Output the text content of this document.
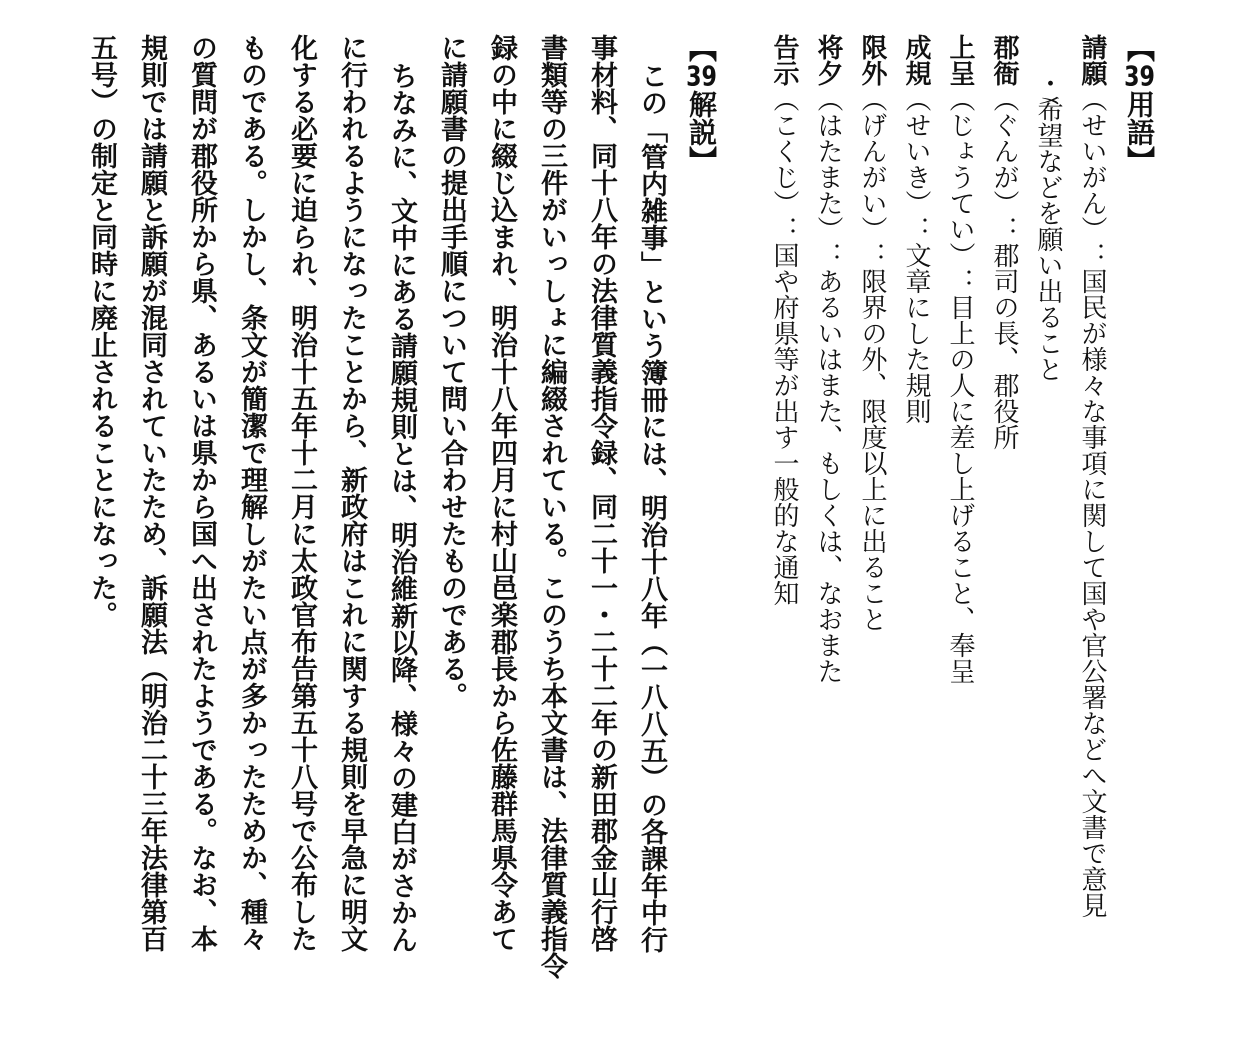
【39用語】

請願（せいがん）：国民が様々な事項に関して国や官公署などへ文書で意見

・希望などを願い出ること

郡衙（ぐんが）：郡司の長、郡役所

上呈（じょうてい）：目上の人に差し上げること、奉呈

成規（せいき）：文章にした規則

限外（げんがい）：限界の外、限度以上に出ること

将夕（はたまた）：あるいはまた、もしくは、なおまた

告示（こくじ）：国や府県等が出す一般的な通知

【39解説】

この「管内雑事」という簿冊には、明治十八年（一八八五）の各課年中行

事材料、同十八年の法律質義指令録、同二十一・二十二年の新田郡金山行啓

書類等の三件がいっしょに編綴されている。このうち本文書は、法律質義指令

録の中に綴じ込まれ、明治十八年四月に村山邑楽郡長から佐藤群馬県令あて

に請願書の提出手順について問い合わせたものである。

ちなみに、文中にある請願規則とは、明治維新以降、様々の建白がさかん

に行われるようになったことから、新政府はこれに関する規則を早急に明文

化する必要に迫られ、明治十五年十二月に太政官布告第五十八号で公布した

ものである。しかし、条文が簡潔で理解しがたい点が多かったためか、種々

の質問が郡役所から県、あるいは県から国へ出されたようである。なお、本

規則では請願と訴願が混同されていたため、訴願法（明治二十三年法律第百

五号）の制定と同時に廃止されることになった。
